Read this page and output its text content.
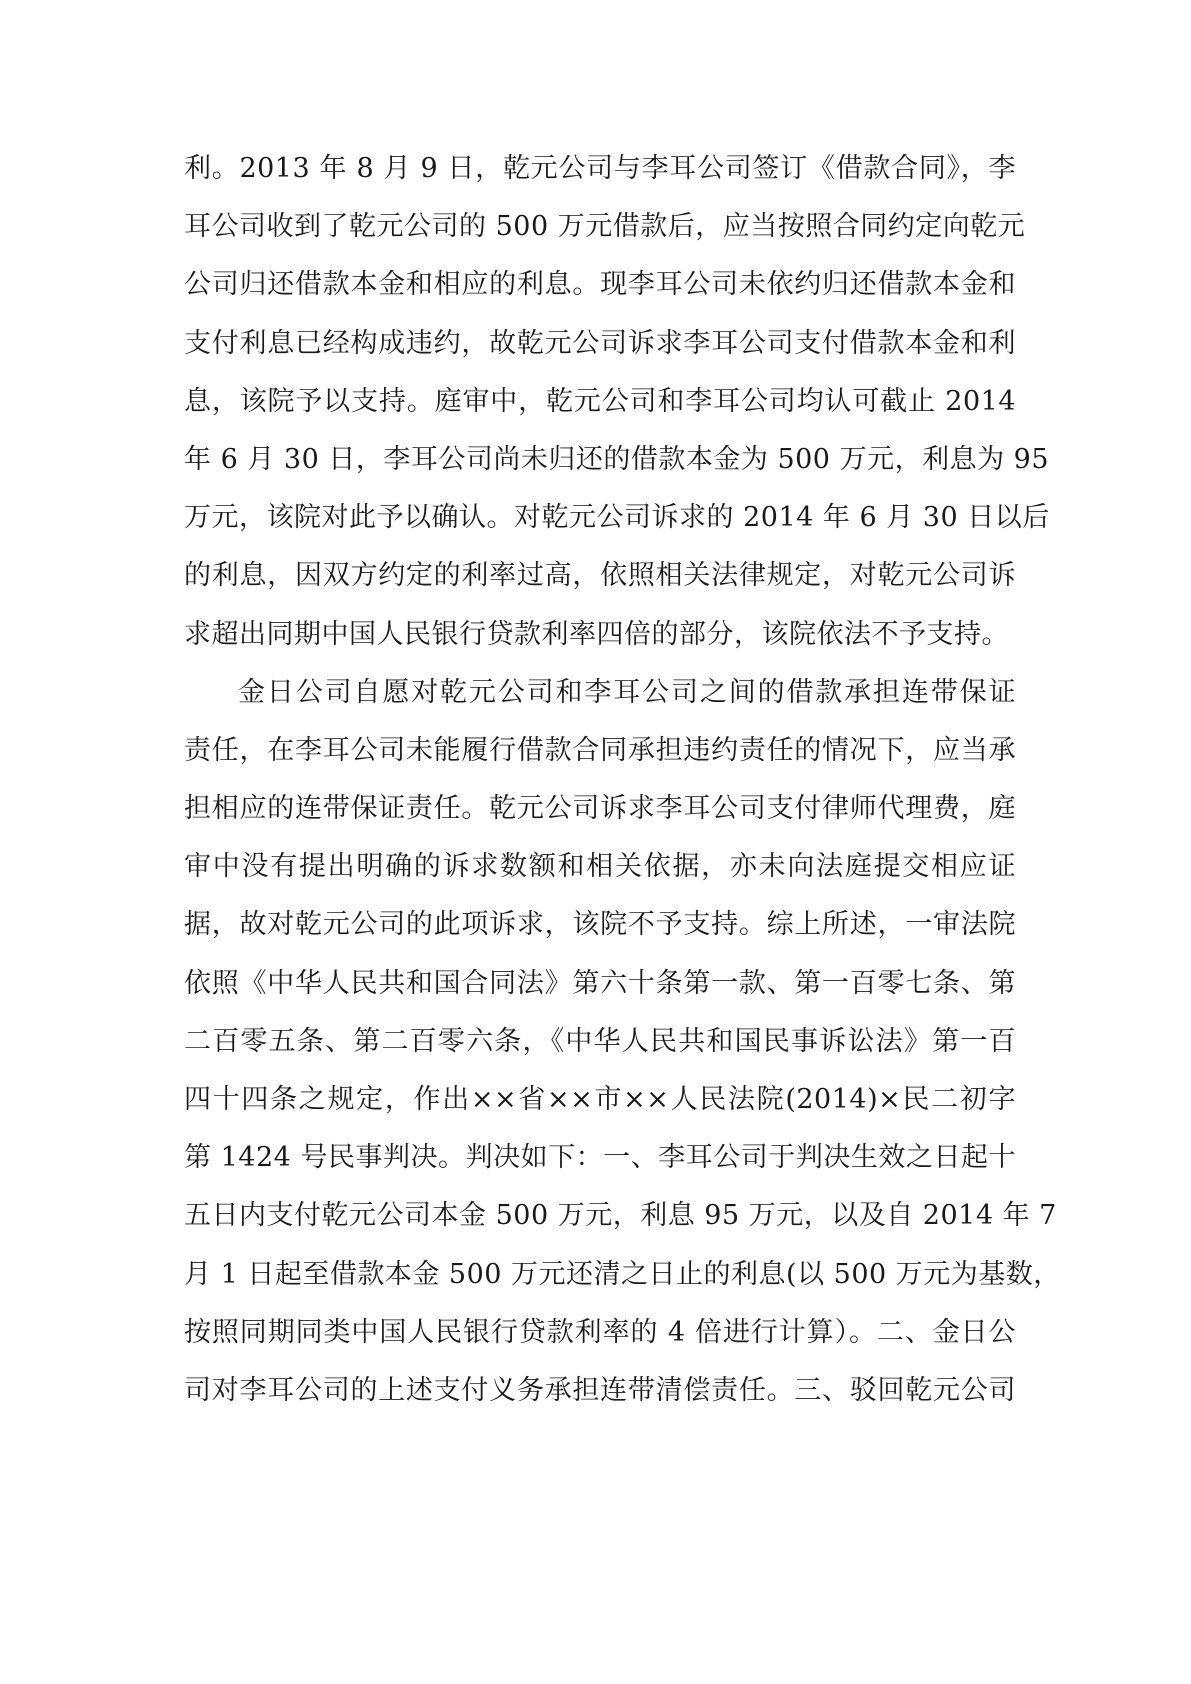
利。2013 年 8 月 9 日，乾元公司与李耳公司签订《借款合同》，李
耳公司收到了乾元公司的 500 万元借款后，应当按照合同约定向乾元
公司归还借款本金和相应的利息。现李耳公司未依约归还借款本金和
支付利息已经构成违约，故乾元公司诉求李耳公司支付借款本金和利
息，该院予以支持。庭审中，乾元公司和李耳公司均认可截止 2014
年 6 月 30 日，李耳公司尚未归还的借款本金为 500 万元，利息为 95
万元，该院对此予以确认。对乾元公司诉求的 2014 年 6 月 30 日以后
的利息，因双方约定的利率过高，依照相关法律规定，对乾元公司诉
求超出同期中国人民银行贷款利率四倍的部分，该院依法不予支持。
金日公司自愿对乾元公司和李耳公司之间的借款承担连带保证
责任，在李耳公司未能履行借款合同承担违约责任的情况下，应当承
担相应的连带保证责任。乾元公司诉求李耳公司支付律师代理费，庭
审中没有提出明确的诉求数额和相关依据，亦未向法庭提交相应证
据，故对乾元公司的此项诉求，该院不予支持。综上所述，一审法院
依照《中华人民共和国合同法》第六十条第一款、第一百零七条、第
二百零五条、第二百零六条，《中华人民共和国民事诉讼法》第一百
四十四条之规定，作出××省××市××人民法院(2014)×民二初字
第 1424 号民事判决。判决如下：一、李耳公司于判决生效之日起十
五日内支付乾元公司本金 500 万元，利息 95 万元，以及自 2014 年 7
月 1 日起至借款本金 500 万元还清之日止的利息(以 500 万元为基数，
按照同期同类中国人民银行贷款利率的 4 倍进行计算）。二、金日公
司对李耳公司的上述支付义务承担连带清偿责任。三、驳回乾元公司
